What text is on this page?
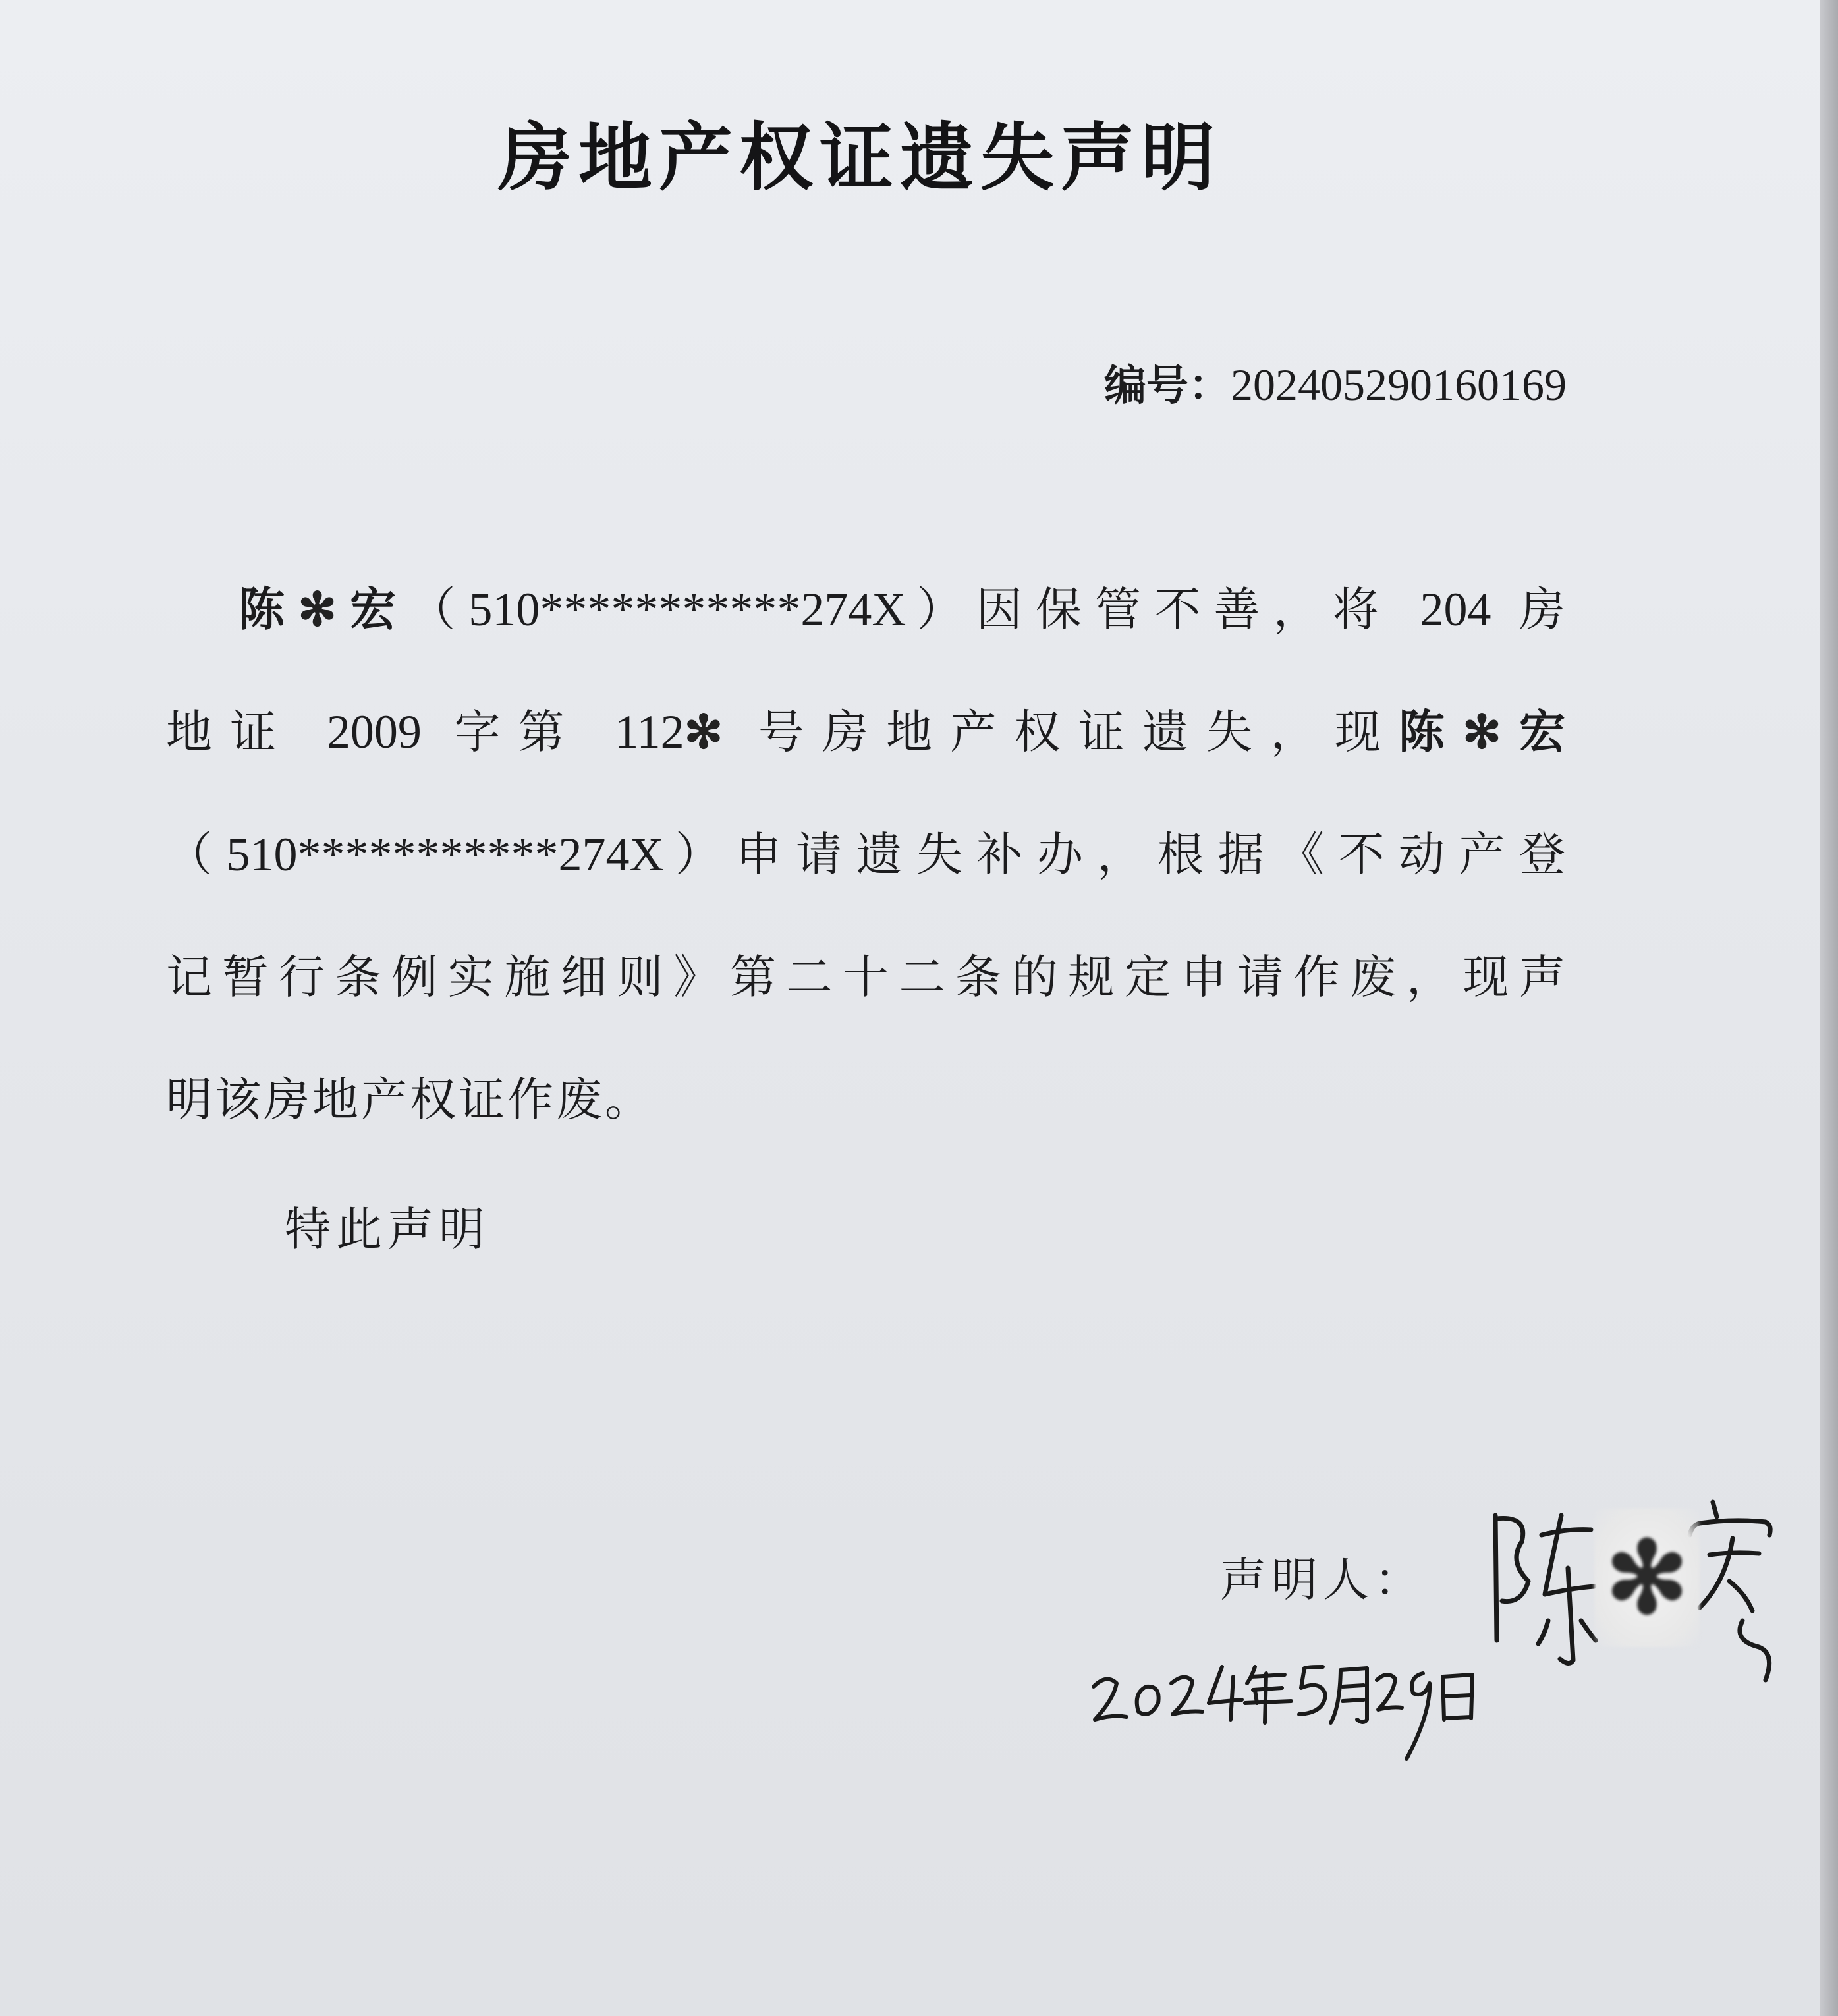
房地产权证遗失声明
编号：202405290160169
陈✻宏（510***********274X）因保管不善，将 204 房
地证 2009 字第 112✻ 号房地产权证遗失，现陈✻宏
（510***********274X）申请遗失补办，根据《不动产登
记暂行条例实施细则》第二十二条的规定申请作废，现声
明该房地产权证作废。
特此声明
声明人： ✻
